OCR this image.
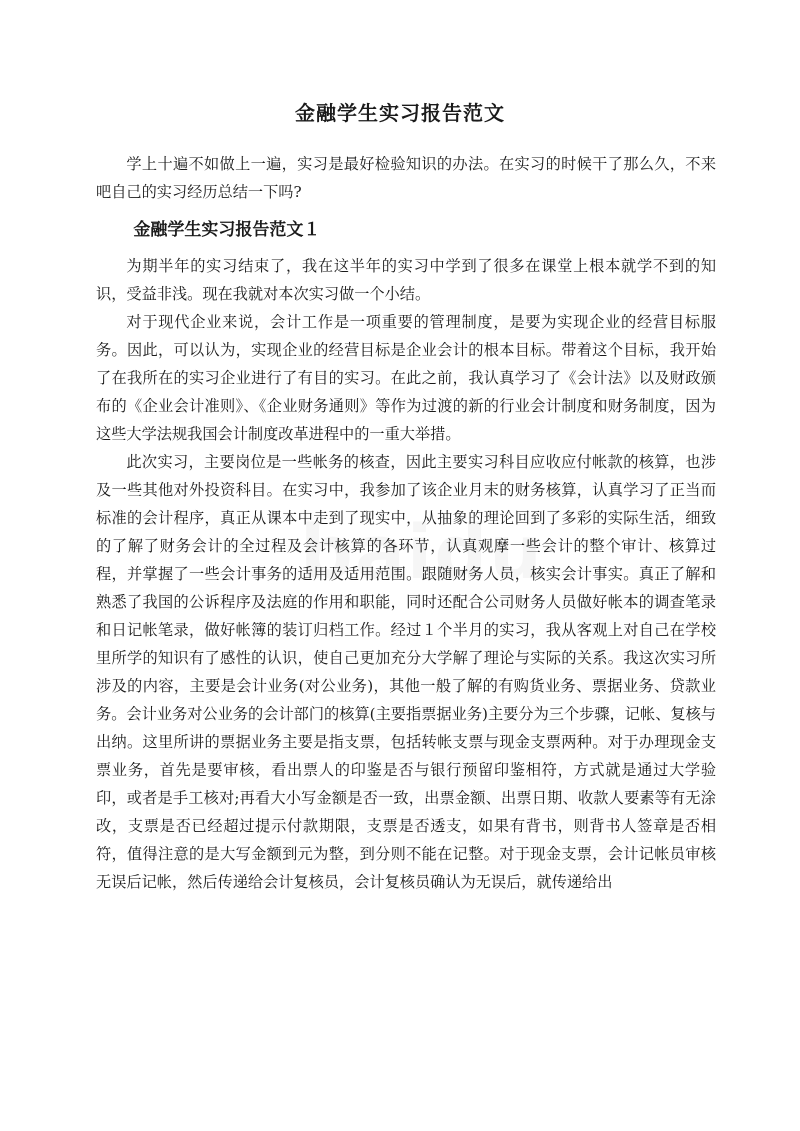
金融学生实习报告范文

学上十遍不如做上一遍，实习是最好检验知识的办法。在实习的时候干了那么久，不来吧自己的实习经历总结一下吗?

金融学生实习报告范文１

为期半年的实习结束了，我在这半年的实习中学到了很多在课堂上根本就学不到的知识，受益非浅。现在我就对本次实习做一个小结。

对于现代企业来说，会计工作是一项重要的管理制度，是要为实现企业的经营目标服务。因此，可以认为，实现企业的经营目标是企业会计的根本目标。带着这个目标，我开始了在我所在的实习企业进行了有目的实习。在此之前，我认真学习了《会计法》以及财政颁布的《企业会计准则》、《企业财务通则》等作为过渡的新的行业会计制度和财务制度，因为这些大学法规我国会计制度改革进程中的一重大举措。

此次实习，主要岗位是一些帐务的核查，因此主要实习科目应收应付帐款的核算，也涉及一些其他对外投资科目。在实习中，我参加了该企业月末的财务核算，认真学习了正当而标准的会计程序，真正从课本中走到了现实中，从抽象的理论回到了多彩的实际生活，细致的了解了财务会计的全过程及会计核算的各环节，认真观摩一些会计的整个审计、核算过程，并掌握了一些会计事务的适用及适用范围。跟随财务人员，核实会计事实。真正了解和熟悉了我国的公诉程序及法庭的作用和职能，同时还配合公司财务人员做好帐本的调查笔录和日记帐笔录，做好帐簿的装订归档工作。经过１个半月的实习，我从客观上对自己在学校里所学的知识有了感性的认识，使自己更加充分大学解了理论与实际的关系。我这次实习所涉及的内容，主要是会计业务(对公业务)，其他一般了解的有购货业务、票据业务、贷款业务。会计业务对公业务的会计部门的核算(主要指票据业务)主要分为三个步骤，记帐、复核与出纳。这里所讲的票据业务主要是指支票，包括转帐支票与现金支票两种。对于办理现金支票业务，首先是要审核，看出票人的印鉴是否与银行预留印鉴相符，方式就是通过大学验印，或者是手工核对;再看大小写金额是否一致，出票金额、出票日期、收款人要素等有无涂改，支票是否已经超过提示付款期限，支票是否透支，如果有背书，则背书人签章是否相符，值得注意的是大写金额到元为整，到分则不能在记整。对于现金支票，会计记帐员审核无误后记帐，然后传递给会计复核员，会计复核员确认为无误后，就传递给出
